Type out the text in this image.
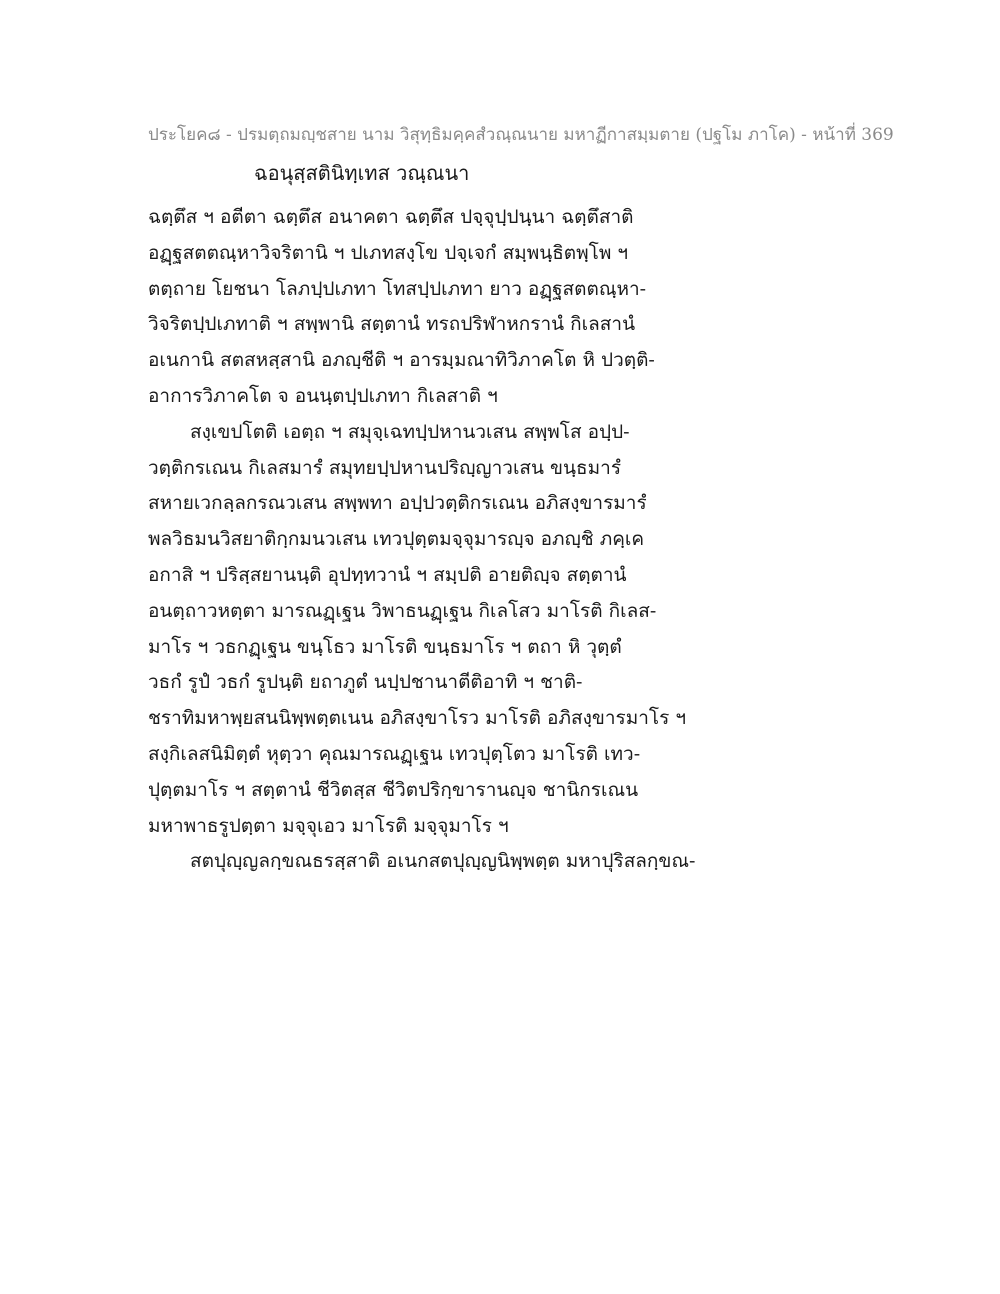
ประโยค๘ - ปรมตฺถมญฺชสาย นาม วิสุทฺธิมคฺคสํวณฺณนาย มหาฏีกาสมฺมตาย (ปฐโม ภาโค) - หน้าที่ 369
ฉอนุสฺสตินิทฺเทส วณฺณนา
ฉตฺตึส ฯ อตีตา ฉตฺตึส อนาคตา ฉตฺตึส ปจฺจุปฺปนฺนา ฉตฺตึสาติ
อฏฺฐสตตณฺหาวิจริตานิ ฯ ปเภทสงฺโข ปจฺเจกํ สมฺพนฺธิตพฺโพ ฯ
ตตฺถาย โยชนา โลภปฺปเภทา โทสปฺปเภทา ยาว อฏฺฐสตตณฺหา-
วิจริตปฺปเภทาติ ฯ สพฺพานิ สตฺตานํ ทรถปริฬาหกรานํ กิเลสานํ
อเนกานิ สตสหสฺสานิ อภญฺชีติ ฯ อารมฺมณาทิวิภาคโต หิ ปวตฺติ-
อาการวิภาคโต จ อนนฺตปฺปเภทา กิเลสาติ ฯ
สงฺเขปโตติ เอตฺถ ฯ สมุจฺเฉทปฺปหานวเสน สพฺพโส อปฺป-
วตฺติกรเณน กิเลสมารํ สมุทยปฺปหานปริญฺญาวเสน ขนฺธมารํ
สหายเวกลฺลกรณวเสน สพฺพทา อปฺปวตฺติกรเณน อภิสงฺขารมารํ
พลวิธมนวิสยาติกฺกมนวเสน เทวปุตฺตมจฺจุมารญฺจ อภญฺชิ ภคฺเค
อกาสิ ฯ ปริสฺสยานนฺติ อุปทฺทวานํ ฯ สมฺปติ อายติญฺจ สตฺตานํ
อนตฺถาวหตฺตา มารณฏฺเฐน วิพาธนฏฺเฐน กิเลโสว มาโรติ กิเลส-
มาโร ฯ วธกฏฺเฐน ขนฺโธว มาโรติ ขนฺธมาโร ฯ ตถา หิ วุตฺตํ
วธกํ รูปํ วธกํ รูปนฺติ ยถาภูตํ นปฺปชานาตีติอาทิ ฯ ชาติ-
ชราทิมหาพฺยสนนิพฺพตฺตเนน อภิสงฺขาโรว มาโรติ อภิสงฺขารมาโร ฯ
สงฺกิเลสนิมิตฺตํ หุตฺวา คุณมารณฏฺเฐน เทวปุตฺโตว มาโรติ เทว-
ปุตฺตมาโร ฯ สตฺตานํ ชีวิตสฺส ชีวิตปริกฺขารานญฺจ ชานิกรเณน
มหาพาธรูปตฺตา มจฺจุเอว มาโรติ มจฺจุมาโร ฯ
สตปุญฺญลกฺขณธรสฺสาติ อเนกสตปุญฺญนิพฺพตฺต มหาปุริสลกฺขณ-
